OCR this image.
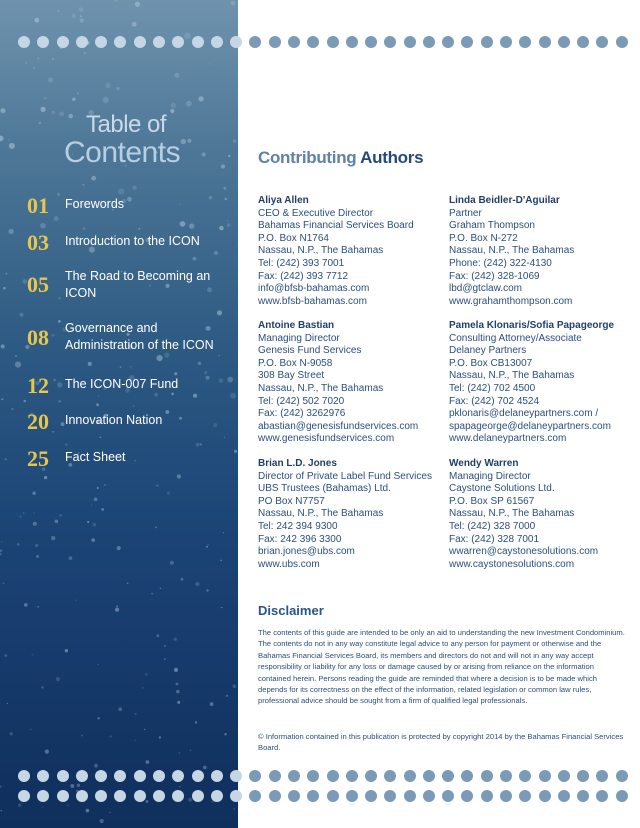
Table of
Contents
01	Forewords
03	Introduction to the ICON
05	The Road to Becoming an ICON
08	Governance and Administration of the ICON
12	The ICON-007 Fund
20	Innovation Nation
25	Fact Sheet
Contributing Authors
Aliya Allen
CEO & Executive Director
Bahamas Financial Services Board
P.O. Box N1764
Nassau, N.P., The Bahamas
Tel: (242) 393 7001
Fax: (242) 393 7712
info@bfsb-bahamas.com
www.bfsb-bahamas.com
Linda Beidler-D'Aguilar
Partner
Graham Thompson
P.O. Box N-272
Nassau, N.P., The Bahamas
Phone: (242) 322-4130
Fax: (242) 328-1069
lbd@gtclaw.com
www.grahamthompson.com
Antoine Bastian
Managing Director
Genesis Fund Services
P.O. Box N-9058
308 Bay Street
Nassau, N.P., The Bahamas
Tel: (242) 502 7020
Fax: (242) 3262976
abastian@genesisfundservices.com
www.genesisfundservices.com
Pamela Klonaris/Sofia Papageorge
Consulting Attorney/Associate
Delaney Partners
P.O. Box CB13007
Nassau, N.P., The Bahamas
Tel: (242) 702 4500
Fax: (242) 702 4524
pklonaris@delaneypartners.com /
spapageorge@delaneypartners.com
www.delaneypartners.com
Brian L.D. Jones
Director of Private Label Fund Services
UBS Trustees (Bahamas) Ltd.
PO Box N7757
Nassau, N.P., The Bahamas
Tel: 242 394 9300
Fax: 242 396 3300
brian.jones@ubs.com
www.ubs.com
Wendy Warren
Managing Director
Caystone Solutions Ltd.
P.O. Box SP 61567
Nassau, N.P., The Bahamas
Tel: (242) 328 7000
Fax: (242) 328 7001
wwarren@caystonesolutions.com
www.caystonesolutions.com
Disclaimer
The contents of this guide are intended to be only an aid to understanding the new Investment Condominium. The contents do not in any way constitute legal advice to any person for payment or otherwise and the Bahamas Financial Services Board, its members and directors do not and will not in any way accept responsibility or liability for any loss or damage caused by or arising from reliance on the information contained herein. Persons reading the guide are reminded that where a decision is to be made which depends for its correctness on the effect of the information, related legislation or common law rules, professional advice should be sought from a firm of qualified legal professionals.
© Information contained in this publication is protected by copyright 2014 by the Bahamas Financial Services Board.
